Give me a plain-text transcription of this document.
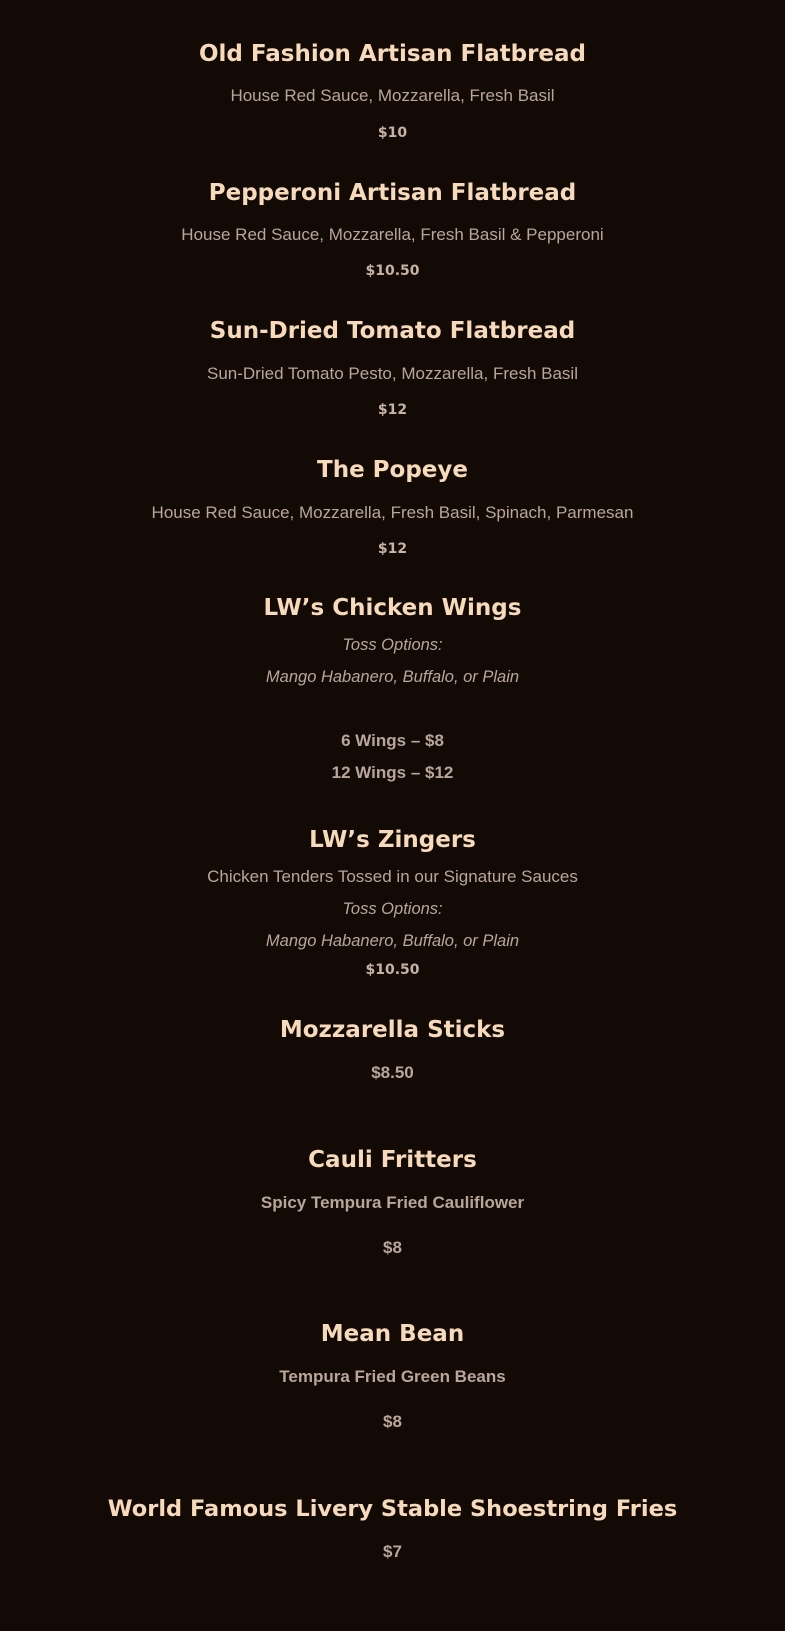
Old Fashion Artisan Flatbread

House Red Sauce, Mozzarella, Fresh Basil

$10

Pepperoni Artisan Flatbread

House Red Sauce, Mozzarella, Fresh Basil & Pepperoni

$10.50

Sun-Dried Tomato Flatbread

Sun-Dried Tomato Pesto, Mozzarella, Fresh Basil

$12

The Popeye

House Red Sauce, Mozzarella, Fresh Basil, Spinach, Parmesan

$12

LW’s Chicken Wings

Toss Options:

Mango Habanero, Buffalo, or Plain

6 Wings – $8

12 Wings – $12

LW’s Zingers

Chicken Tenders Tossed in our Signature Sauces

Toss Options:

Mango Habanero, Buffalo, or Plain

$10.50

Mozzarella Sticks

$8.50

Cauli Fritters

Spicy Tempura Fried Cauliflower

$8

Mean Bean

Tempura Fried Green Beans

$8

World Famous Livery Stable Shoestring Fries

$7
